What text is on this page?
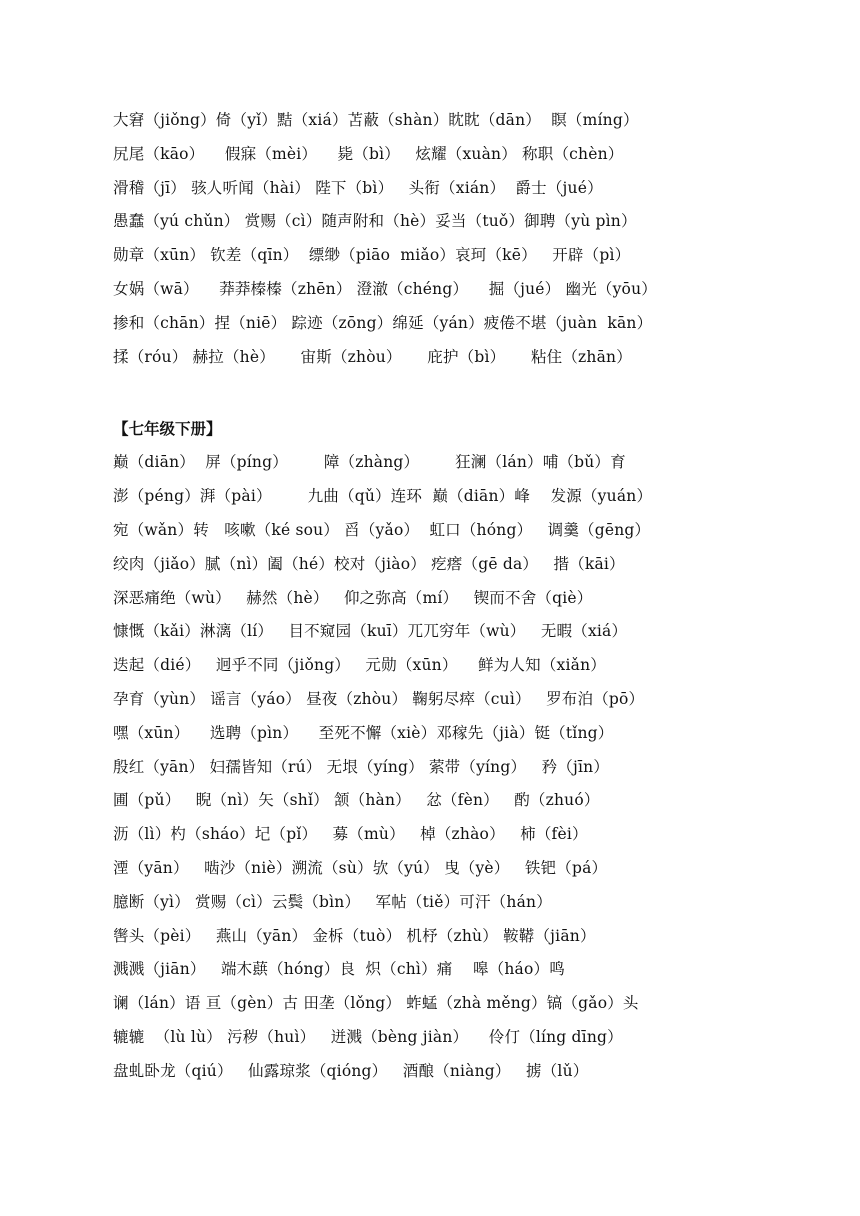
大窘（jiǒng）倚（yǐ）黠（xiá）苫蔽（shàn）眈眈（dān）  瞑（míng）
尻尾（kāo）    假寐（mèi）    毙（bì）   炫耀（xuàn） 称职（chèn）
滑稽（jī） 骇人听闻（hài） 陛下（bì）   头衔（xián）  爵士（jué）
愚蠢（yú chǔn） 赏赐（cì）随声附和（hè）妥当（tuǒ）御聘（yù pìn）
勋章（xūn） 钦差（qīn）  缥缈（piāo  miǎo）哀珂（kē）   开辟（pì）
女娲（wā）    莽莽榛榛（zhēn） 澄澈（chéng）    掘（jué） 幽光（yōu）
掺和（chān）捏（niē） 踪迹（zōng）绵延（yán）疲倦不堪（juàn  kān）
揉（róu） 赫拉（hè）     宙斯（zhòu）     庇护（bì）     粘住（zhān）
【七年级下册】
巅（diān）  屏（píng）       障（zhàng）       狂澜（lán）哺（bǔ）育
澎（péng）湃（pài）       九曲（qǔ）连环  巅（diān）峰    发源（yuán）
宛（wǎn）转   咳嗽（ké sou） 舀（yǎo）  虹口（hóng）   调羹（gēng）
绞肉（jiǎo）腻（nì）阖（hé）校对（jiào） 疙瘩（gē da）   揩（kāi）
深恶痛绝（wù）   赫然（hè）   仰之弥高（mí）   锲而不舍（qiè）
慷慨（kǎi）淋漓（lí）   目不窥园（kuī）兀兀穷年（wù）   无暇（xiá）
迭起（dié）   迥乎不同（jiǒng）   元勋（xūn）    鲜为人知（xiǎn）
孕育（yùn） 谣言（yáo） 昼夜（zhòu） 鞠躬尽瘁（cuì）   罗布泊（pō）
嘿（xūn）    选聘（pìn）    至死不懈（xiè）邓稼先（jià）铤（tǐng）
殷红（yān） 妇孺皆知（rú） 无垠（yíng） 萦带（yíng）   矜（jīn）
圃（pǔ）   睨（nì）矢（shǐ） 颔（hàn）   忿（fèn）   酌（zhuó）
沥（lì）杓（sháo）圮（pǐ）   募（mù）   棹（zhào）   柿（fèi）
湮（yān）   啮沙（niè）溯流（sù）欤（yú） 曳（yè）   铁钯（pá）
臆断（yì） 赏赐（cì）云鬓（bìn）   军帖（tiě）可汗（hán）
辔头（pèi）   燕山（yān） 金柝（tuò） 机杼（zhù） 鞍鞯（jiān）
溅溅（jiān）   端木蕻（hóng）良  炽（chì）痛    嗥（háo）鸣
谰（lán）语 亘（gèn）古 田垄（lǒng） 蚱蜢（zhà měng）镐（gǎo）头
辘辘  （lù lù） 污秽（huì）   迸溅（bèng jiàn）    伶仃（líng dīng）
盘虬卧龙（qiú）   仙露琼浆（qióng）   酒酿（niàng）   掳（lǔ）
